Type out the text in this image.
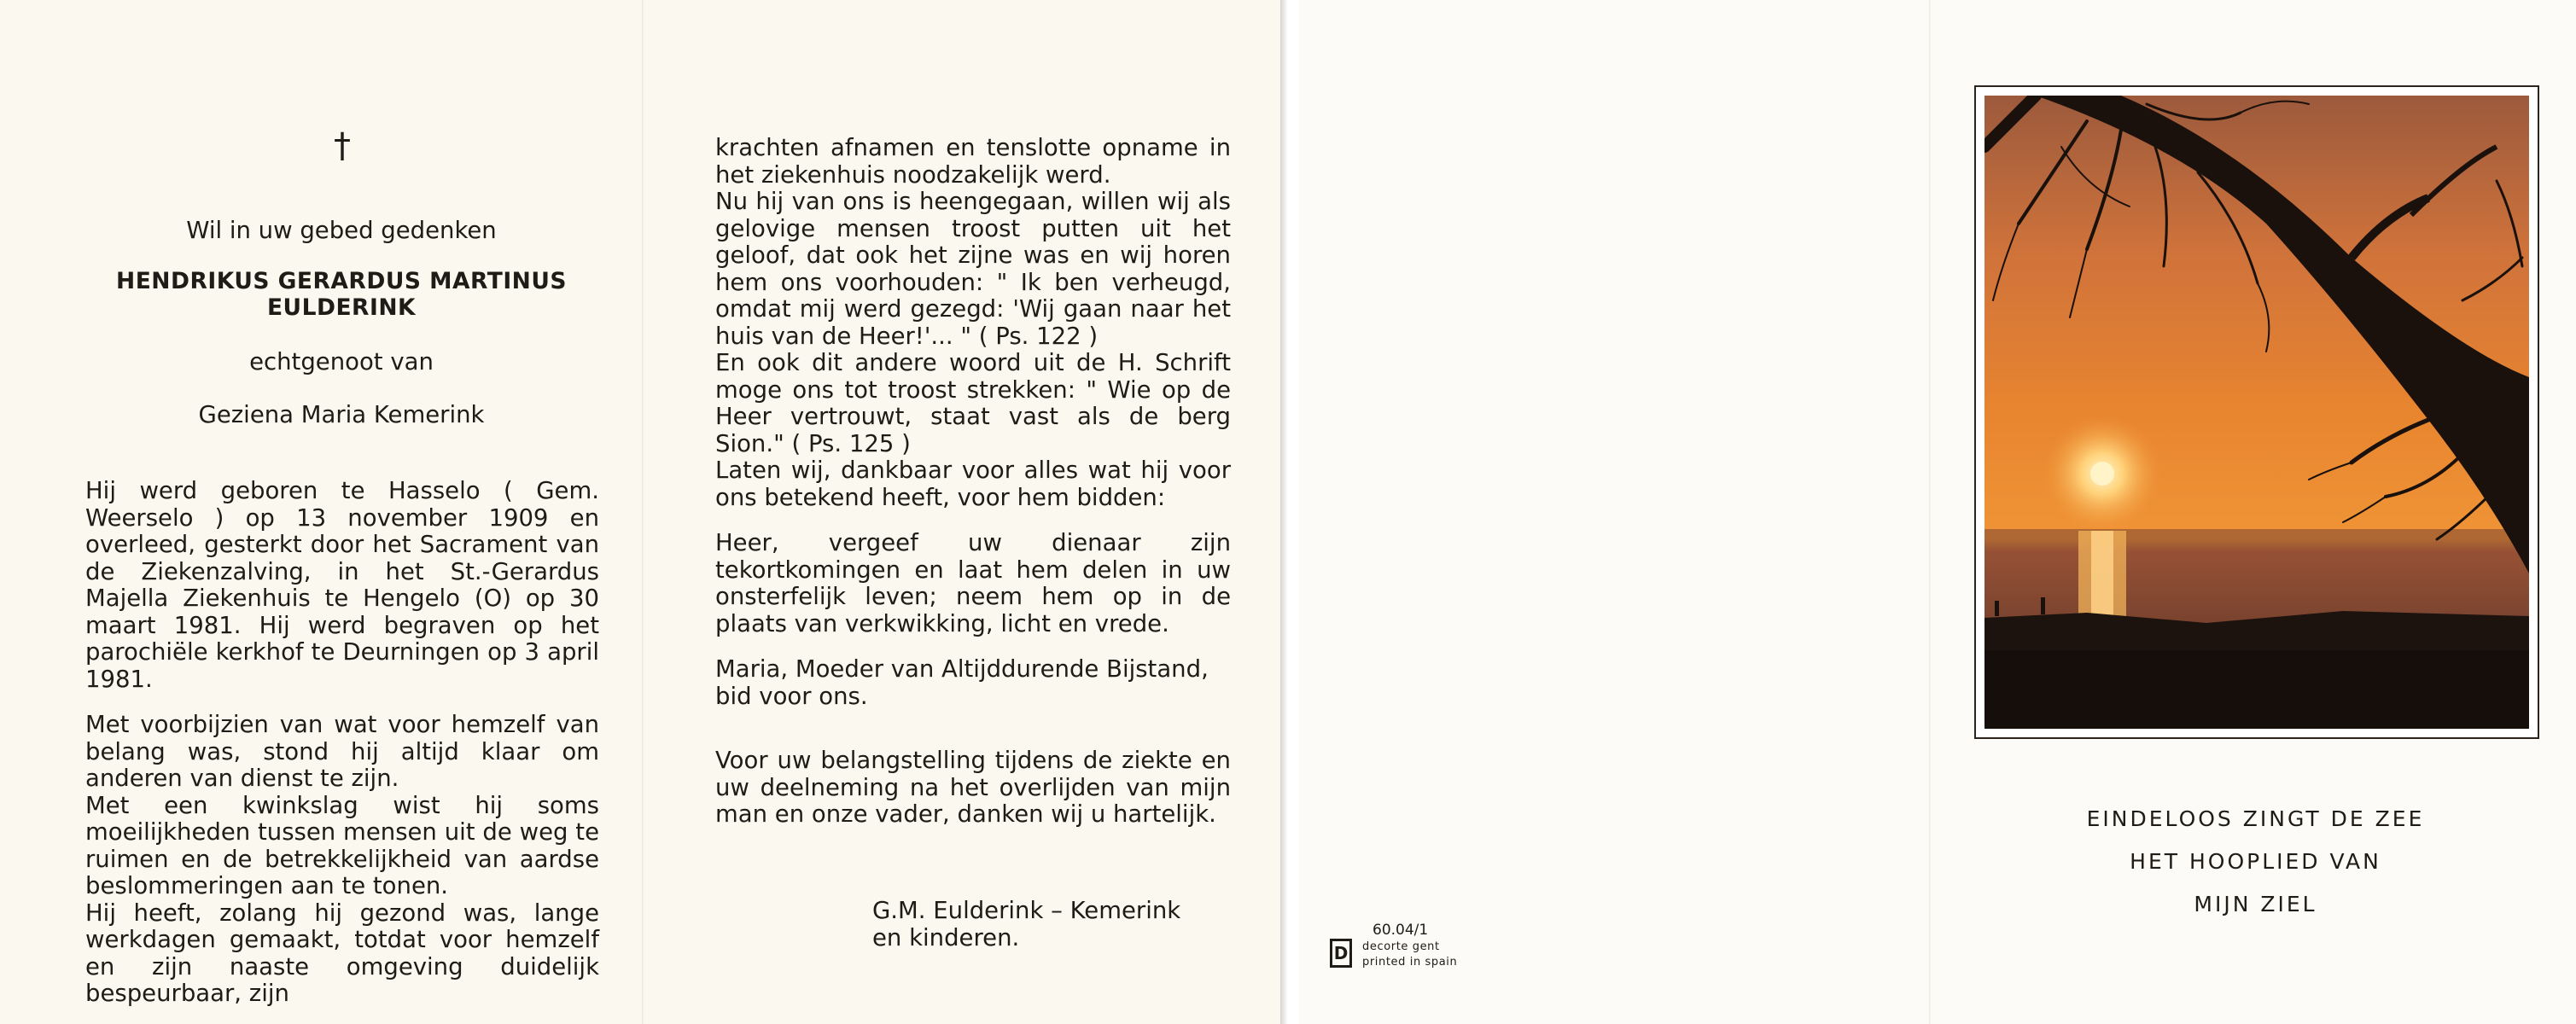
†
Wil in uw gebed gedenken
HENDRIKUS GERARDUS MARTINUS
EULDERINK
echtgenoot van
Geziena Maria Kemerink

Hij werd geboren te Hasselo ( Gem. Weerselo ) op 13 november 1909 en overleed, gesterkt door het Sacrament van de Ziekenzalving, in het St.-Gerardus Majella Ziekenhuis te Hengelo (O) op 30 maart 1981. Hij werd begraven op het parochiële kerkhof te Deurningen op 3 april 1981.

Met voorbijzien van wat voor hemzelf van belang was, stond hij altijd klaar om anderen van dienst te zijn.

Met een kwinkslag wist hij soms moeilijkheden tussen mensen uit de weg te ruimen en de betrekkelijkheid van aardse beslommeringen aan te tonen.

Hij heeft, zolang hij gezond was, lange werkdagen gemaakt, totdat voor hemzelf en zijn naaste omgeving duidelijk bespeurbaar, zijn

krachten afnamen en tenslotte opname in het ziekenhuis noodzakelijk werd.

Nu hij van ons is heengegaan, willen wij als gelovige mensen troost putten uit het geloof, dat ook het zijne was en wij horen hem ons voorhouden: " Ik ben verheugd, omdat mij werd gezegd: 'Wij gaan naar het huis van de Heer!'... " ( Ps. 122 )

En ook dit andere woord uit de H. Schrift moge ons tot troost strekken: " Wie op de Heer vertrouwt, staat vast als de berg Sion." ( Ps. 125 )

Laten wij, dankbaar voor alles wat hij voor ons betekend heeft, voor hem bidden:

Heer, vergeef uw dienaar zijn tekortkomingen en laat hem delen in uw onsterfelijk leven; neem hem op in de plaats van verkwikking, licht en vrede.

Maria, Moeder van Altijddurende Bijstand,

bid voor ons.

Voor uw belangstelling tijdens de ziekte en uw deelneming na het overlijden van mijn man en onze vader, danken wij u hartelijk.

G.M. Eulderink – Kemerink
en kinderen.
D
60.04/1
decorte gent
printed in spain
EINDELOOS ZINGT DE ZEE
HET HOOPLIED VAN
MIJN ZIEL
